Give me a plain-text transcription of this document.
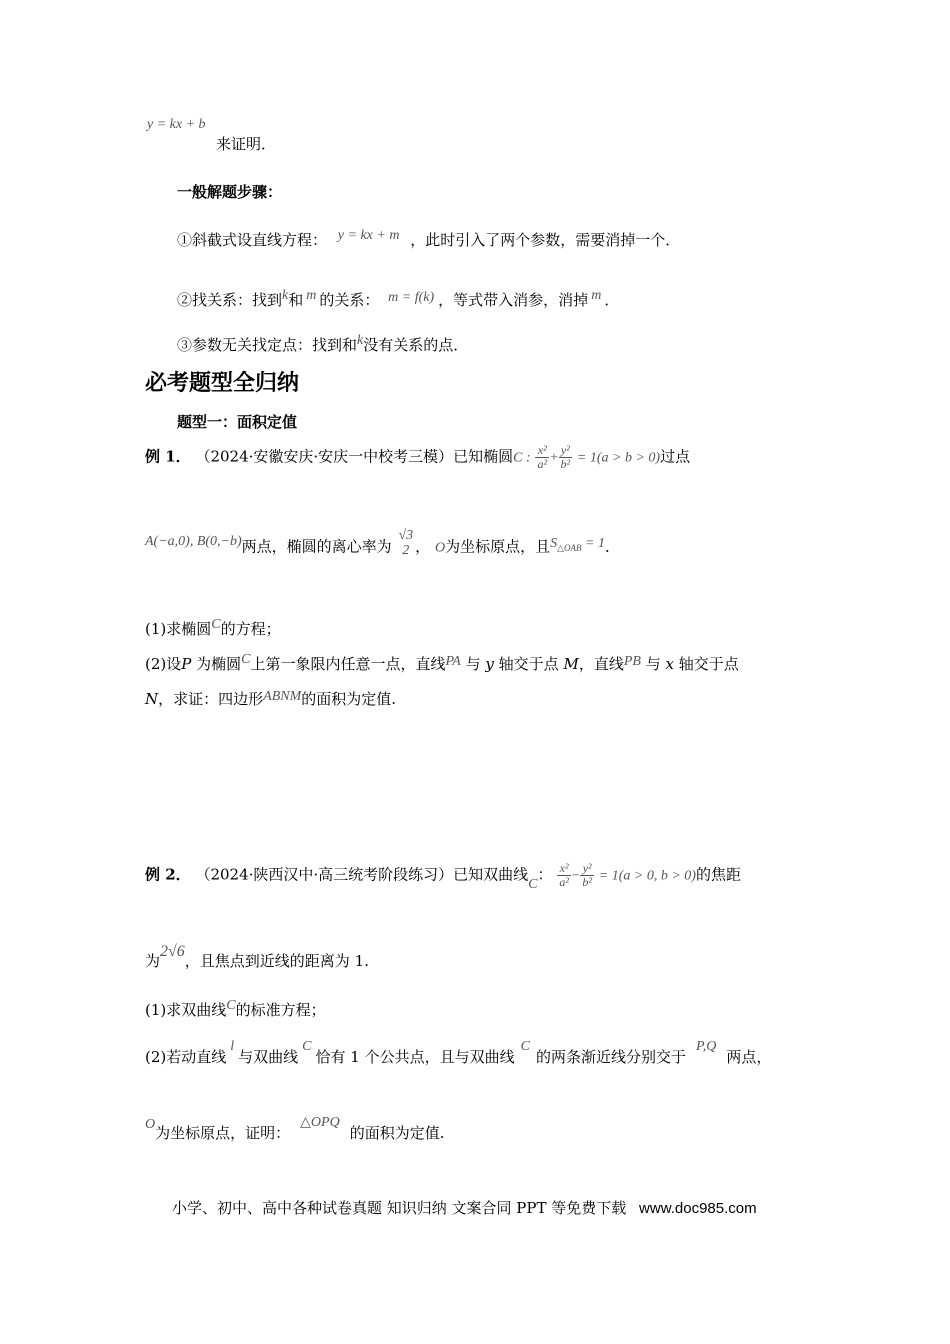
y = kx + b
来证明．
一般解题步骤：
①斜截式设直线方程： y = kx + m ，此时引入了两个参数，需要消掉一个．
②找关系：找到k和 m 的关系： m = f(k) ，等式带入消参，消掉 m ．
③参数无关找定点：找到和k没有关系的点．
必考题型全归纳
题型一：面积定值
例 1． （2024·安徽安庆·安庆一中校考三模）已知椭圆C : $\frac{\text{x²}}{\text{a²}} + \frac{\text{y²}}{\text{b²}} = 1(a > b > 0)$过点
A(−a,0), B(0,−b)两点，椭圆的离心率为
√3
2 ， O为坐标原点，且$S_{\triangle OAB} = 1$．
(1)求椭圆C的方程；
(2)设P 为椭圆C上第一象限内任意一点，直线PA 与 y 轴交于点 M，直线PB 与 x 轴交于点
N，求证：四边形ABNM的面积为定值.
例 2． （2024·陕西汉中·高三统考阶段练习）已知双曲线C： $\frac{\text{x²}}{\text{a²}} - \frac{\text{y²}}{\text{b²}} = 1(a > 0$, b > 0)的焦距
为2√6，且焦点到近线的距离为 1.
(1)求双曲线C的标准方程；
(2)若动直线l与双曲线C恰有 1 个公共点，且与双曲线C的两条渐近线分别交于P,Q两点，
O为坐标原点，证明：△OPQ的面积为定值.
小学、初中、高中各种试卷真题 知识归纳 文案合同 PPT 等免费下载 www.doc985.com
